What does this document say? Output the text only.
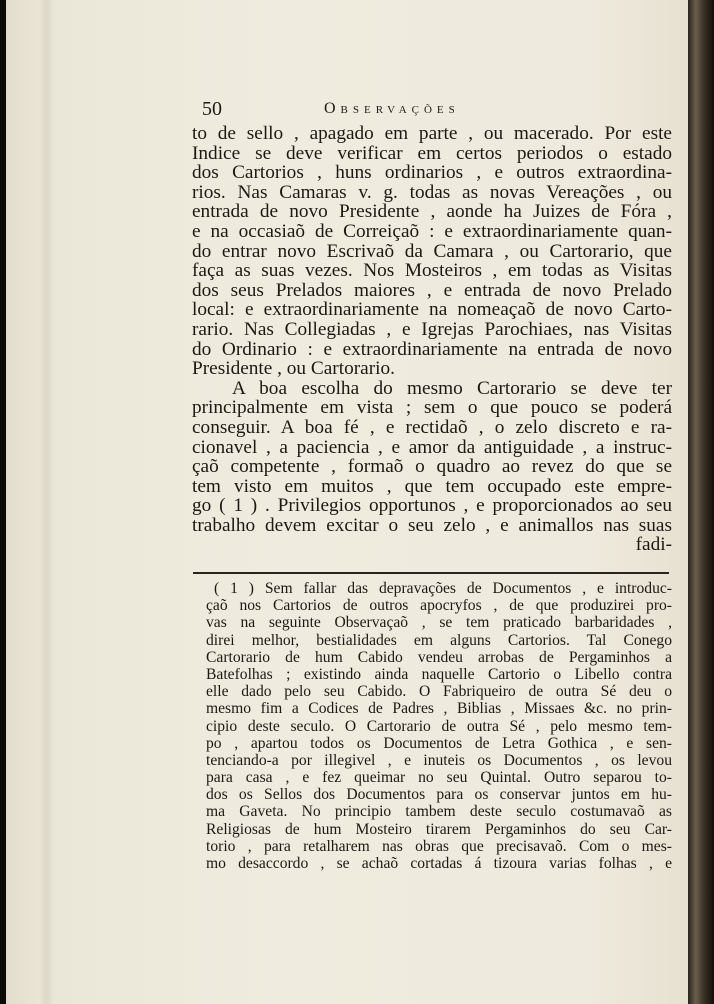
50	Observações
to de sello , apagado em parte , ou macerado. Por este
Indice se deve verificar em certos periodos o estado
dos Cartorios , huns ordinarios , e outros extraordina-
rios. Nas Camaras v. g. todas as novas Vereações , ou
entrada de novo Presidente , aonde ha Juizes de Fóra ,
e na occasiaõ de Correiçaõ : e extraordinariamente quan-
do entrar novo Escrivaõ da Camara , ou Cartorario, que
faça as suas vezes. Nos Mosteiros , em todas as Visitas
dos seus Prelados maiores , e entrada de novo Prelado
local: e extraordinariamente na nomeaçaõ de novo Carto-
rario. Nas Collegiadas , e Igrejas Parochiaes, nas Visitas
do Ordinario : e extraordinariamente na entrada de novo
Presidente , ou Cartorario.
A boa escolha do mesmo Cartorario se deve ter
principalmente em vista ; sem o que pouco se poderá
conseguir. A boa fé , e rectidaõ , o zelo discreto e ra-
cionavel , a paciencia , e amor da antiguidade , a instruc-
çaõ competente , formaõ o quadro ao revez do que se
tem visto em muitos , que tem occupado este empre-
go ( 1 ) . Privilegios opportunos , e proporcionados ao seu
trabalho devem excitar o seu zelo , e animallos nas suas
fadi-
( 1 ) Sem fallar das depravações de Documentos , e introduc-
çaõ nos Cartorios de outros apocryfos , de que produzirei pro-
vas na seguinte Observaçaõ , se tem praticado barbaridades ,
direi melhor, bestialidades em alguns Cartorios. Tal Conego
Cartorario de hum Cabido vendeu arrobas de Pergaminhos a
Batefolhas ; existindo ainda naquelle Cartorio o Libello contra
elle dado pelo seu Cabido. O Fabriqueiro de outra Sé deu o
mesmo fim a Codices de Padres , Biblias , Missaes &c. no prin-
cipio deste seculo. O Cartorario de outra Sé , pelo mesmo tem-
po , apartou todos os Documentos de Letra Gothica , e sen-
tenciando-a por illegivel , e inuteis os Documentos , os levou
para casa , e fez queimar no seu Quintal. Outro separou to-
dos os Sellos dos Documentos para os conservar juntos em hu-
ma Gaveta. No principio tambem deste seculo costumavaõ as
Religiosas de hum Mosteiro tirarem Pergaminhos do seu Car-
torio , para retalharem nas obras que precisavaõ. Com o mes-
mo desaccordo , se achaõ cortadas á tizoura varias folhas , e
